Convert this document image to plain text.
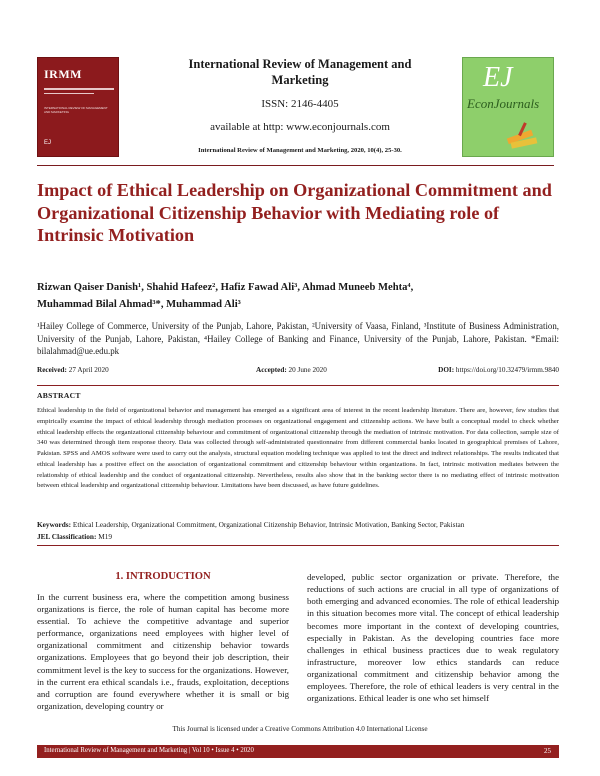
IRMM
INTERNATIONAL REVIEW OF MANAGEMENT AND MARKETING
EJ
International Review of Management and Marketing
ISSN: 2146-4405
available at http: www.econjournals.com
International Review of Management and Marketing, 2020, 10(4), 25-30.
EJ
EconJournals
Impact of Ethical Leadership on Organizational Commitment and Organizational Citizenship Behavior with Mediating role of Intrinsic Motivation
Rizwan Qaiser Danish¹, Shahid Hafeez², Hafiz Fawad Ali³, Ahmad Muneeb Mehta⁴,
Muhammad Bilal Ahmad³*, Muhammad Ali³
¹Hailey College of Commerce, University of the Punjab, Lahore, Pakistan, ²University of Vaasa, Finland, ³Institute of Business Administration, University of the Punjab, Lahore, Pakistan, ⁴Hailey College of Banking and Finance, University of the Punjab, Lahore, Pakistan. *Email: bilalahmad@ue.edu.pk
Received: 27 April 2020	Accepted: 20 June 2020	DOI: https://doi.org/10.32479/irmm.9840
ABSTRACT

Ethical leadership in the field of organizational behavior and management has emerged as a significant area of interest in the recent leadership literature. There are, however, few studies that empirically examine the impact of ethical leadership through mediation processes on organizational engagement and citizenship actions. We have built a conceptual model to check whether ethical leadership effects the organizational citizenship behaviour and commitment of organizational citizenship through the mediation of intrinsic motivation. For data collection, sample size of 340 was determined through item response theory. Data was collected through self-administrated questionnaire from different commercial banks located in geographical premises of Lahore, Pakistan. SPSS and AMOS software were used to carry out the analysis, structural equation modeling technique was applied to test the direct and indirect relationships. The results indicated that ethical leadership has a positive effect on the association of organizational commitment and citizenship behaviour within organizations. In fact, intrinsic motivation mediates between the relationship of ethical leadership and the conduct of organizational citizenship. Nevertheless, results also show that in the banking sector there is no mediating effect of intrinsic motivation between ethical leadership and organizational citizenship behaviour. Limitations have been discussed, as have future guidelines.

Keywords: Ethical Leadership, Organizational Commitment, Organizational Citizenship Behavior, Intrinsic Motivation, Banking Sector, Pakistan
JEL Classification: M19
1. INTRODUCTION

In the current business era, where the competition among business organizations is fierce, the role of human capital has become more essential. To achieve the competitive advantage and superior performance, organizations need employees with higher level of organizational commitment and citizenship behavior towards organizations. Employees that go beyond their job description, their commitment level is the key to success for the organizations. However, in the current era ethical scandals i.e., frauds, exploitation, deceptions and corruption are found everywhere whether it is small or big organization, developing country or

developed, public sector organization or private. Therefore, the reductions of such actions are crucial in all type of organizations of both emerging and advanced economies. The role of ethical leadership in this situation becomes more vital. The concept of ethical leadership becomes more important in the context of developing countries, especially in Pakistan. As the developing countries face more challenges in ethical business practices due to weak regulatory infrastructure, moreover low ethics standards can reduce organizational commitment and citizenship behavior among the employees. Therefore, the role of ethical leaders is very central in the organizations. Ethical leader is one who set himself

This Journal is licensed under a Creative Commons Attribution 4.0 International License
International Review of Management and Marketing | Vol 10 • Issue 4 • 2020	25
